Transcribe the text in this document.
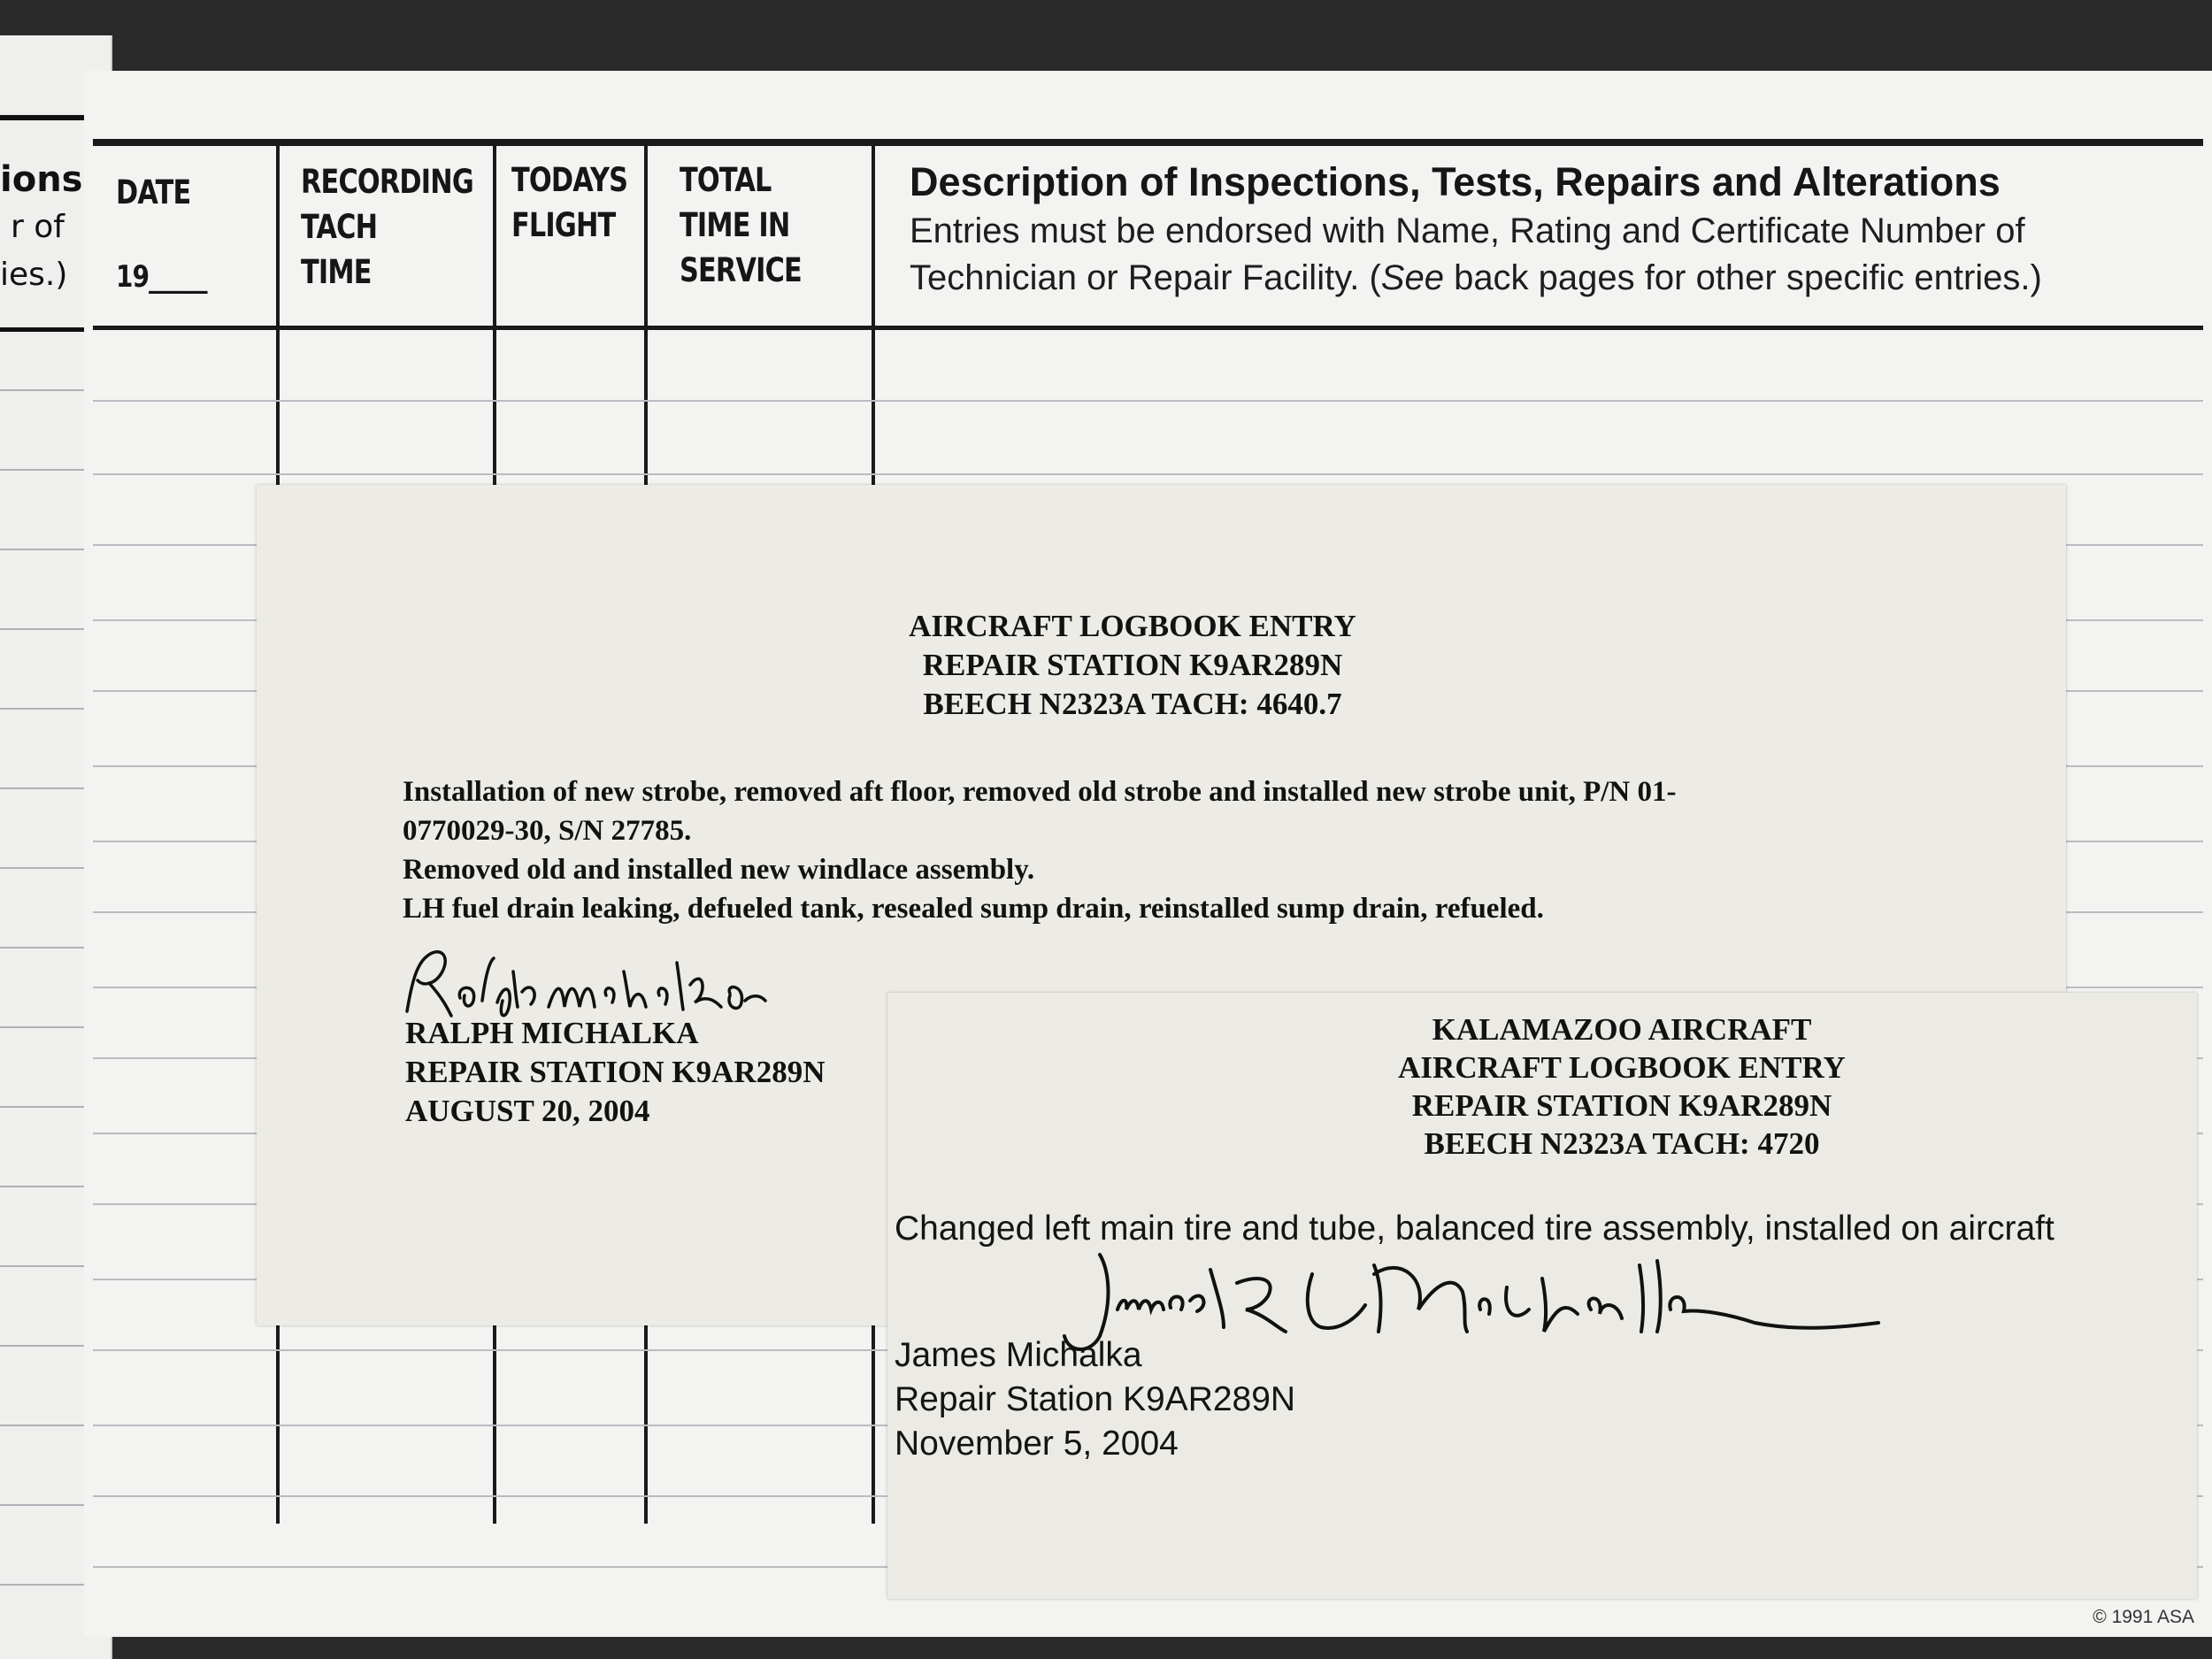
ions
r of
ies.)
DATE
19_____
RECORDING
TACH
TIME
TODAYS
FLIGHT
TOTAL
TIME IN
SERVICE
Description of Inspections, Tests, Repairs and Alterations
Entries must be endorsed with Name, Rating and Certificate Number of
Technician or Repair Facility. (See back pages for other specific entries.)
© 1991 ASA
AIRCRAFT LOGBOOK ENTRY
REPAIR STATION K9AR289N
BEECH N2323A TACH: 4640.7
Installation of new strobe, removed aft floor, removed old strobe and installed new strobe unit, P/N 01-
0770029-30, S/N 27785.
Removed old and installed new windlace assembly.
LH fuel drain leaking, defueled tank, resealed sump drain, reinstalled sump drain, refueled.
RALPH MICHALKA
REPAIR STATION K9AR289N
AUGUST 20, 2004
KALAMAZOO AIRCRAFT
AIRCRAFT LOGBOOK ENTRY
REPAIR STATION K9AR289N
BEECH N2323A TACH: 4720
Changed left main tire and tube, balanced tire assembly, installed on aircraft
James Michalka
Repair Station K9AR289N
November 5, 2004
